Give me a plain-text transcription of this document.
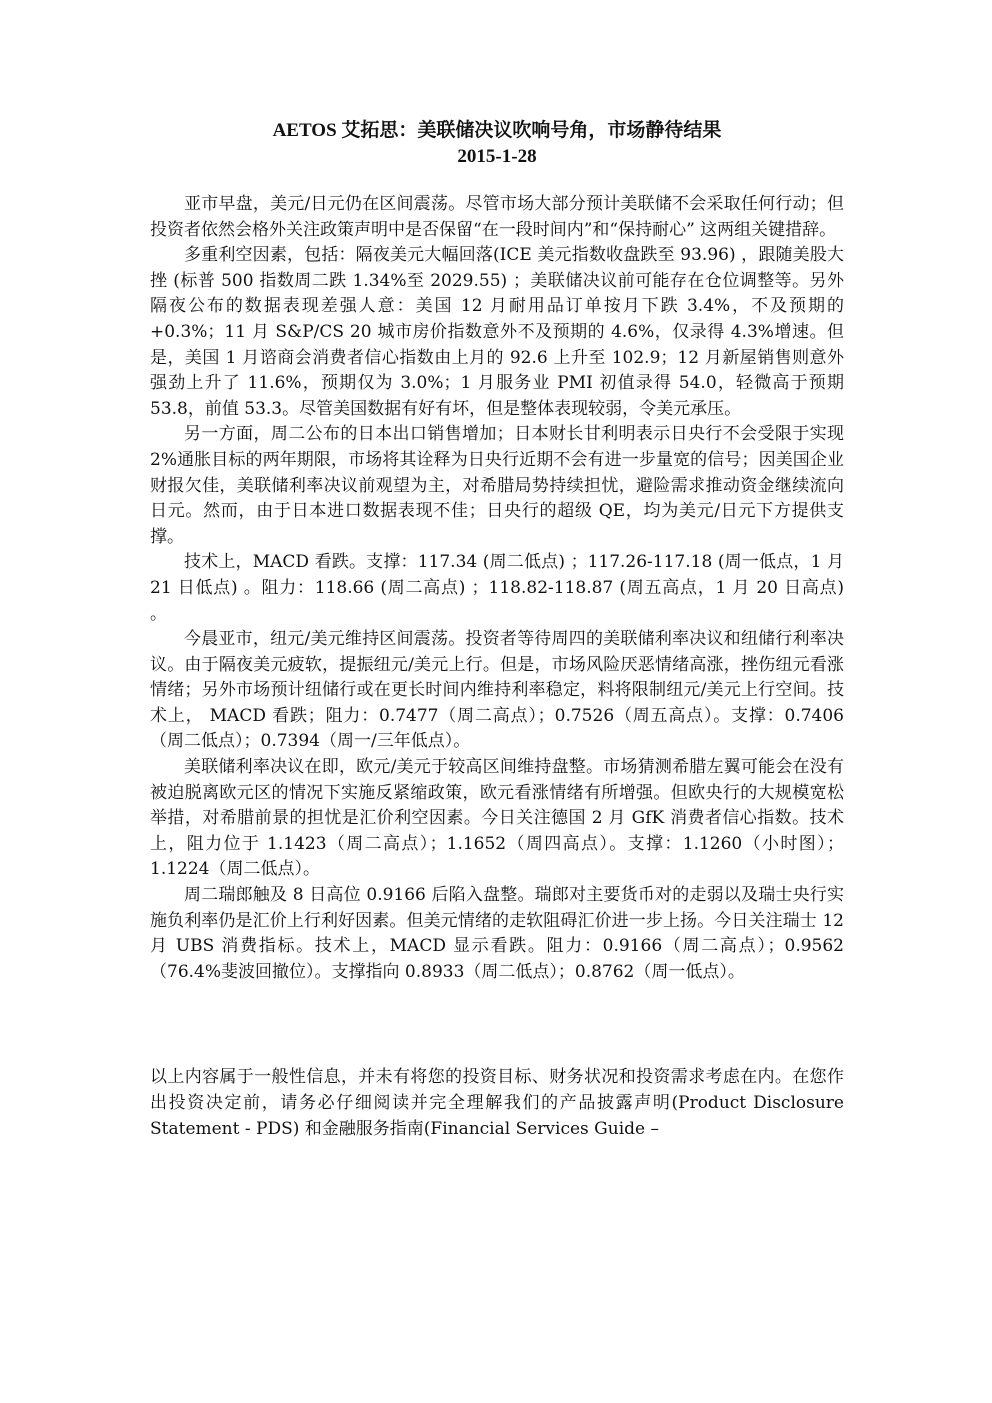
AETOS 艾拓思：美联储决议吹响号角，市场静待结果
2015-1-28

亚市早盘，美元/日元仍在区间震荡。尽管市场大部分预计美联储不会采取任何行动；但投资者依然会格外关注政策声明中是否保留“在一段时间内”和“保持耐心” 这两组关键措辞。

多重利空因素，包括：隔夜美元大幅回落(ICE 美元指数收盘跌至 93.96) ，跟随美股大挫 (标普 500 指数周二跌 1.34%至 2029.55) ；美联储决议前可能存在仓位调整等。另外隔夜公布的数据表现差强人意：美国 12 月耐用品订单按月下跌 3.4%，不及预期的+0.3%；11 月 S&P/CS 20 城市房价指数意外不及预期的 4.6%，仅录得 4.3%增速。但是，美国 1 月谘商会消费者信心指数由上月的 92.6 上升至 102.9；12 月新屋销售则意外强劲上升了 11.6%，预期仅为 3.0%；1 月服务业 PMI 初值录得 54.0，轻微高于预期 53.8，前值 53.3。尽管美国数据有好有坏，但是整体表现较弱，令美元承压。

另一方面，周二公布的日本出口销售增加；日本财长甘利明表示日央行不会受限于实现 2%通胀目标的两年期限，市场将其诠释为日央行近期不会有进一步量宽的信号；因美国企业财报欠佳，美联储利率决议前观望为主，对希腊局势持续担忧，避险需求推动资金继续流向日元。然而，由于日本进口数据表现不佳；日央行的超级 QE，均为美元/日元下方提供支撑。

技术上，MACD 看跌。支撑：117.34 (周二低点) ；117.26-117.18 (周一低点，1 月 21 日低点) 。阻力：118.66 (周二高点) ；118.82-118.87 (周五高点，1 月 20 日高点) 。

今晨亚市，纽元/美元维持区间震荡。投资者等待周四的美联储利率决议和纽储行利率决议。由于隔夜美元疲软，提振纽元/美元上行。但是，市场风险厌恶情绪高涨，挫伤纽元看涨情绪；另外市场预计纽储行或在更长时间内维持利率稳定，料将限制纽元/美元上行空间。技术上， MACD 看跌；阻力：0.7477（周二高点）；0.7526（周五高点）。支撑：0.7406（周二低点）；0.7394（周一/三年低点）。

美联储利率决议在即，欧元/美元于较高区间维持盘整。市场猜测希腊左翼可能会在没有被迫脱离欧元区的情况下实施反紧缩政策，欧元看涨情绪有所增强。但欧央行的大规模宽松举措，对希腊前景的担忧是汇价利空因素。今日关注德国 2 月 GfK 消费者信心指数。技术上，阻力位于 1.1423（周二高点）；1.1652（周四高点）。支撑：1.1260（小时图）；1.1224（周二低点）。

周二瑞郎触及 8 日高位 0.9166 后陷入盘整。瑞郎对主要货币对的走弱以及瑞士央行实施负利率仍是汇价上行利好因素。但美元情绪的走软阻碍汇价进一步上扬。今日关注瑞士 12 月 UBS 消费指标。技术上，MACD 显示看跌。阻力：0.9166（周二高点）；0.9562（76.4%斐波回撤位）。支撑指向 0.8933（周二低点）；0.8762（周一低点）。

以上内容属于一般性信息，并未有将您的投资目标、财务状况和投资需求考虑在内。在您作出投资决定前，请务必仔细阅读并完全理解我们的产品披露声明(Product Disclosure Statement - PDS) 和金融服务指南(Financial Services Guide –
